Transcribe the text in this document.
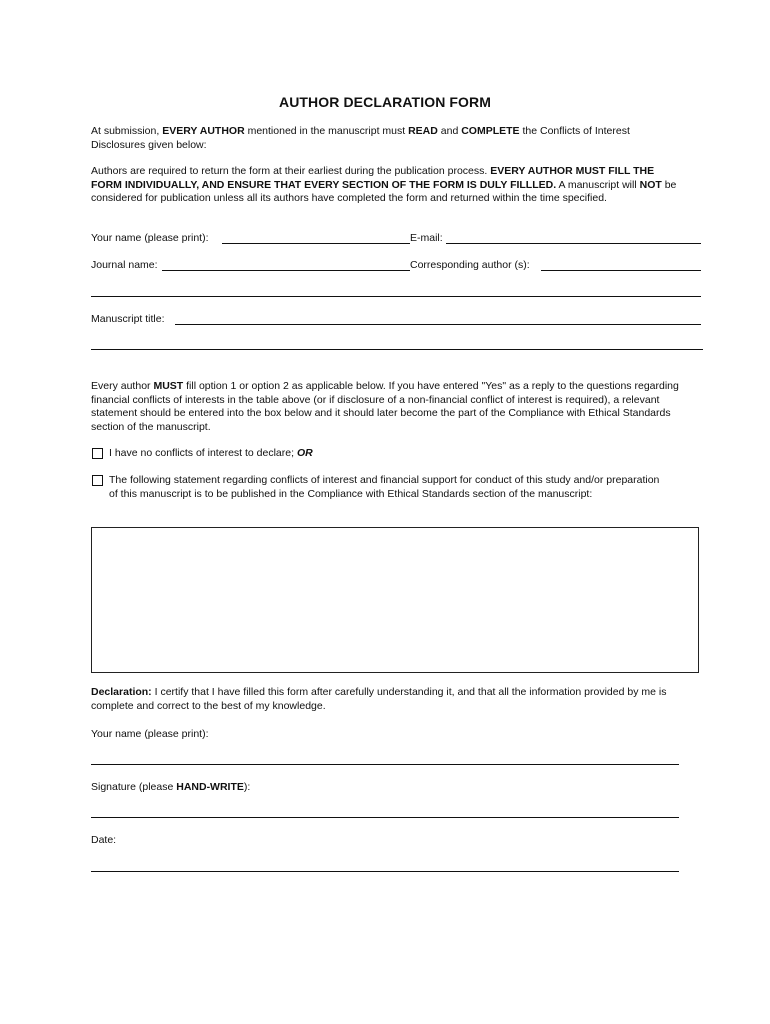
AUTHOR DECLARATION FORM
At submission, EVERY AUTHOR mentioned in the manuscript must READ and COMPLETE the Conflicts of Interest Disclosures given below:
Authors are required to return the form at their earliest during the publication process. EVERY AUTHOR MUST FILL THE FORM INDIVIDUALLY, AND ENSURE THAT EVERY SECTION OF THE FORM IS DULY FILLLED. A manuscript will NOT be considered for publication unless all its authors have completed the form and returned within the time specified.
Your name (please print):	E-mail:
Journal name:	Corresponding author (s):
Manuscript title:
Every author MUST fill option 1 or option 2 as applicable below. If you have entered "Yes" as a reply to the questions regarding financial conflicts of interests in the table above (or if disclosure of a non-financial conflict of interest is required), a relevant statement should be entered into the box below and it should later become the part of the Compliance with Ethical Standards section of the manuscript.
I have no conflicts of interest to declare; OR
The following statement regarding conflicts of interest and financial support for conduct of this study and/or preparation of this manuscript is to be published in the Compliance with Ethical Standards section of the manuscript:
Declaration: I certify that I have filled this form after carefully understanding it, and that all the information provided by me is complete and correct to the best of my knowledge.
Your name (please print):
Signature (please HAND-WRITE):
Date:
